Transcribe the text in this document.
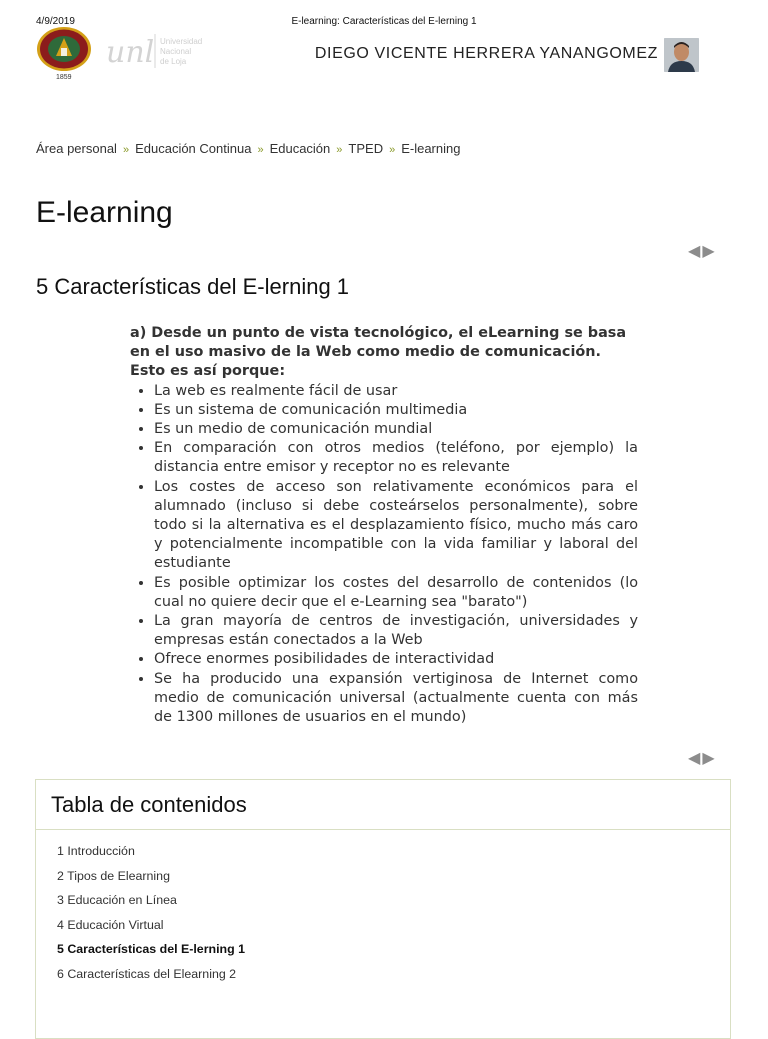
4/9/2019	E-learning: Características del E-lerning 1
1859
unl Universidad
Nacional
de Loja	DIEGO VICENTE HERRERA YANANGOMEZ
Área personal » Educación Continua » Educación » TPED » E-learning
E-learning
◀▶
5 Características del E-lerning 1
a) Desde un punto de vista tecnológico, el eLearning se basa en el uso masivo de la Web como medio de comunicación. Esto es así porque:
• La web es realmente fácil de usar
• Es un sistema de comunicación multimedia
• Es un medio de comunicación mundial
• En comparación con otros medios (teléfono, por ejemplo) la distancia entre emisor y receptor no es relevante
• Los costes de acceso son relativamente económicos para el alumnado (incluso si debe costeárselos personalmente), sobre todo si la alternativa es el desplazamiento físico, mucho más caro y potencialmente incompatible con la vida familiar y laboral del estudiante
• Es posible optimizar los costes del desarrollo de contenidos (lo cual no quiere decir que el e-Learning sea "barato")
• La gran mayoría de centros de investigación, universidades y empresas están conectados a la Web
• Ofrece enormes posibilidades de interactividad
• Se ha producido una expansión vertiginosa de Internet como medio de comunicación universal (actualmente cuenta con más de 1300 millones de usuarios en el mundo)
◀▶
Tabla de contenidos
1 Introducción
2 Tipos de Elearning
3 Educación en Línea
4 Educación Virtual
5 Características del E-lerning 1
6 Características del Elearning 2
